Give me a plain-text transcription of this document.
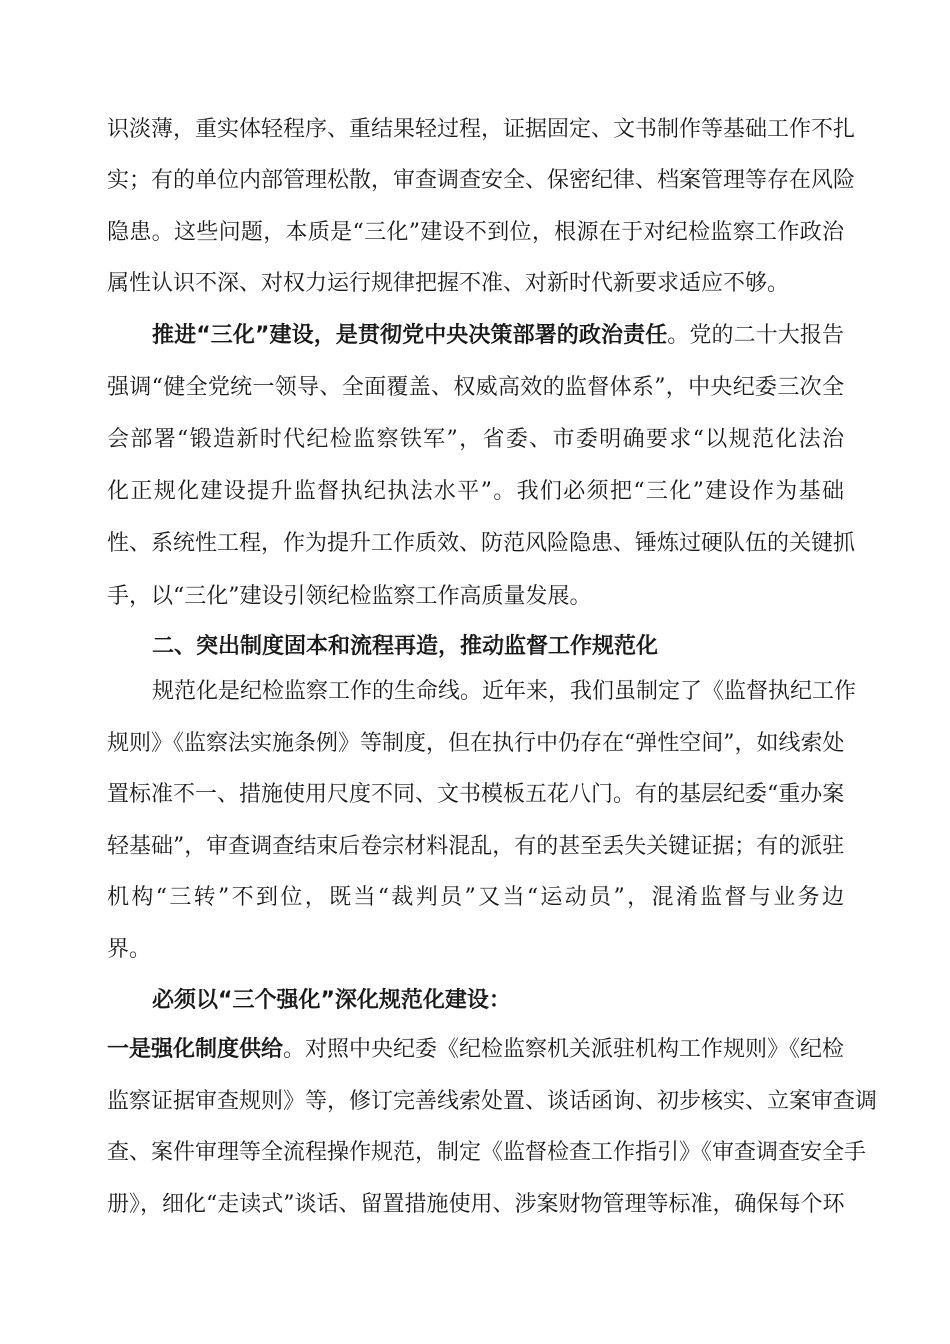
识淡薄，重实体轻程序、重结果轻过程，证据固定、文书制作等基础工作不扎
实；有的单位内部管理松散，审查调查安全、保密纪律、档案管理等存在风险
隐患。这些问题，本质是“三化”建设不到位，根源在于对纪检监察工作政治
属性认识不深、对权力运行规律把握不准、对新时代新要求适应不够。
推进“三化”建设，是贯彻党中央决策部署的政治责任。党的二十大报告
强调“健全党统一领导、全面覆盖、权威高效的监督体系”，中央纪委三次全
会部署“锻造新时代纪检监察铁军”，省委、市委明确要求“以规范化法治
化正规化建设提升监督执纪执法水平”。我们必须把“三化”建设作为基础
性、系统性工程，作为提升工作质效、防范风险隐患、锤炼过硬队伍的关键抓
手，以“三化”建设引领纪检监察工作高质量发展。
二、突出制度固本和流程再造，推动监督工作规范化
规范化是纪检监察工作的生命线。近年来，我们虽制定了《监督执纪工作
规则》《监察法实施条例》等制度，但在执行中仍存在“弹性空间”，如线索处
置标准不一、措施使用尺度不同、文书模板五花八门。有的基层纪委“重办案
轻基础”，审查调查结束后卷宗材料混乱，有的甚至丢失关键证据；有的派驻
机构“三转”不到位，既当“裁判员”又当“运动员”，混淆监督与业务边
界。
必须以“三个强化”深化规范化建设：
一是强化制度供给。对照中央纪委《纪检监察机关派驻机构工作规则》《纪检
监察证据审查规则》等，修订完善线索处置、谈话函询、初步核实、立案审查调
查、案件审理等全流程操作规范，制定《监督检查工作指引》《审查调查安全手
册》，细化“走读式”谈话、留置措施使用、涉案财物管理等标准，确保每个环
